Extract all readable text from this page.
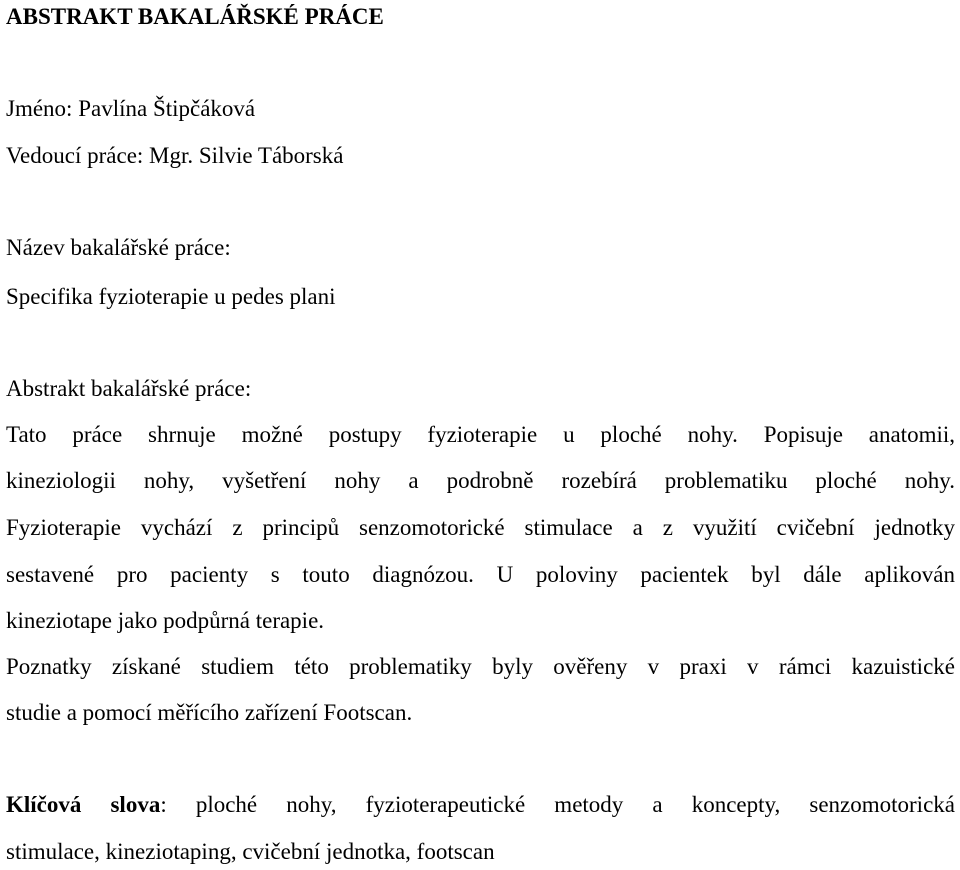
ABSTRAKT BAKALÁŘSKÉ PRÁCE
Jméno: Pavlína Štipčáková
Vedoucí práce: Mgr. Silvie Táborská
Název bakalářské práce:
Specifika fyzioterapie u pedes plani
Abstrakt bakalářské práce:
Tato práce shrnuje možné postupy fyzioterapie u ploché nohy. Popisuje anatomii,
kineziologii nohy, vyšetření nohy a podrobně rozebírá problematiku ploché nohy.
Fyzioterapie vychází z principů senzomotorické stimulace a z využití cvičební jednotky
sestavené pro pacienty s touto diagnózou. U poloviny pacientek byl dále aplikován
kineziotape jako podpůrná terapie.
Poznatky získané studiem této problematiky byly ověřeny v praxi v rámci kazuistické
studie a pomocí měřícího zařízení Footscan.
Klíčová slova: ploché nohy, fyzioterapeutické metody a koncepty, senzomotorická
stimulace, kineziotaping, cvičební jednotka, footscan
